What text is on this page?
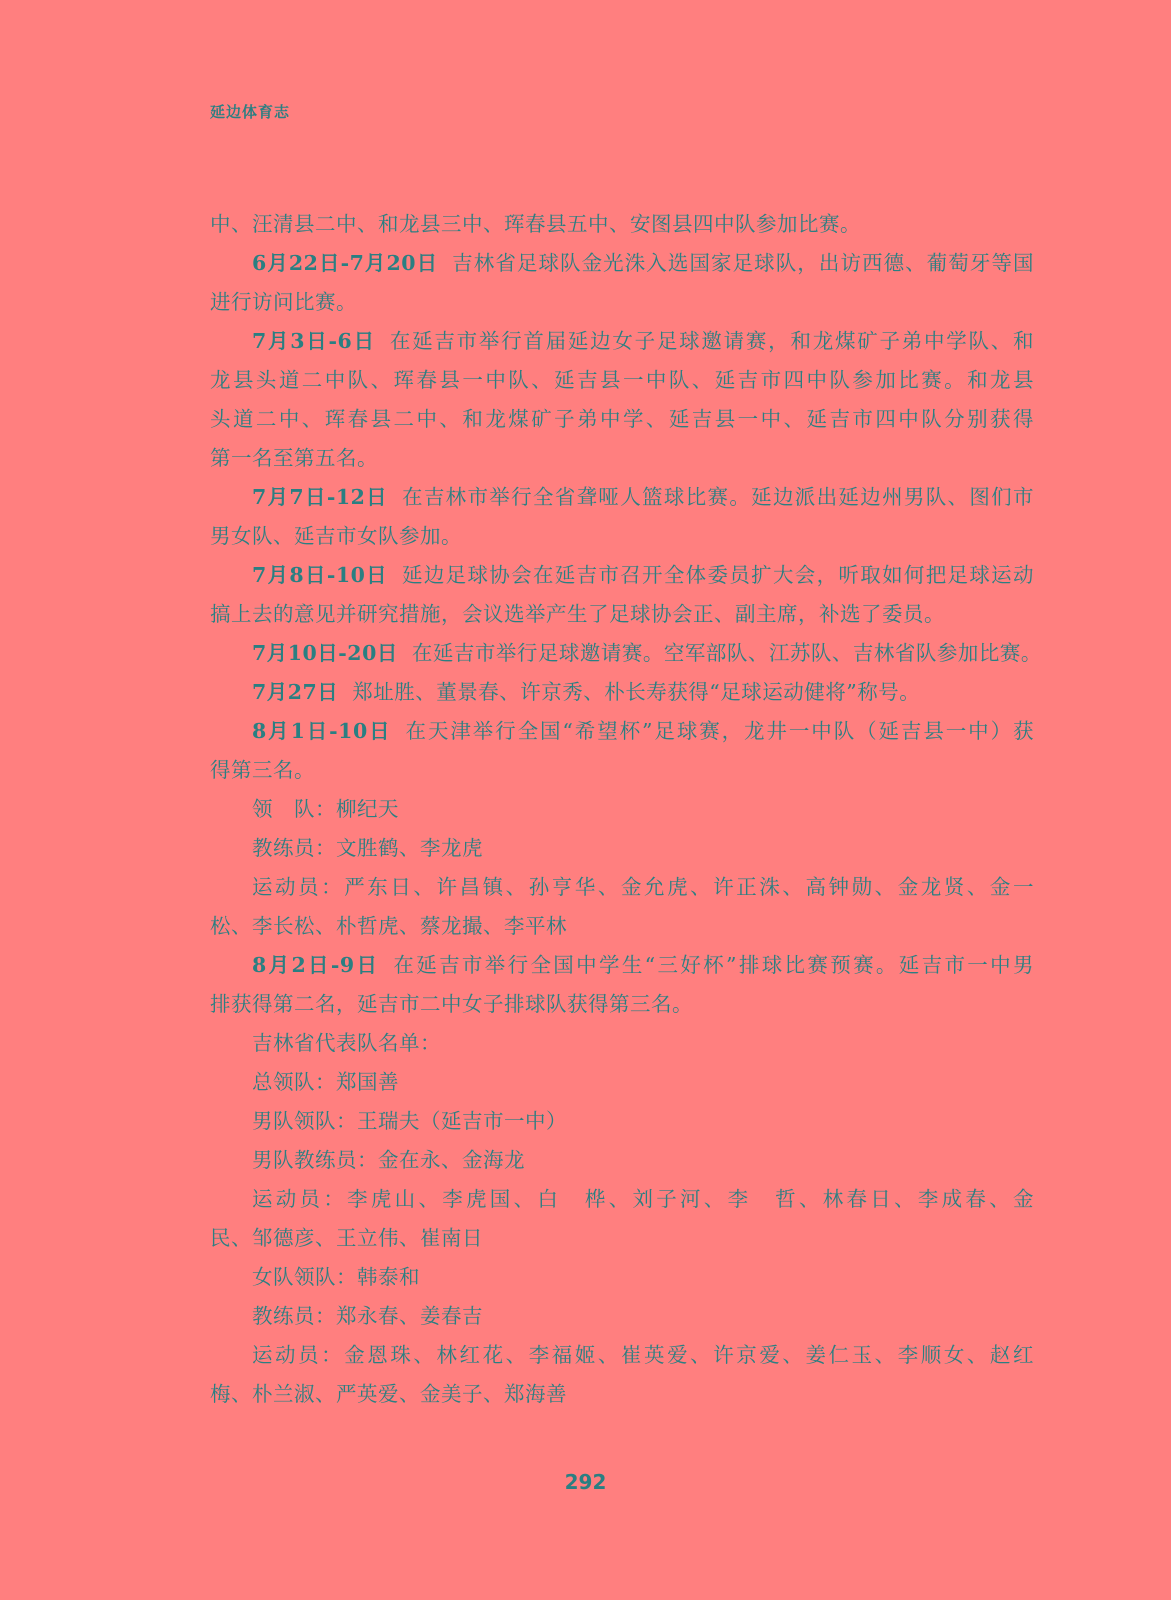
延边体育志
中、汪清县二中、和龙县三中、珲春县五中、安图县四中队参加比赛。
6月22日-7月20日 吉林省足球队金光洙入选国家足球队，出访西德、葡萄牙等国
进行访问比赛。
7月3日-6日 在延吉市举行首届延边女子足球邀请赛，和龙煤矿子弟中学队、和
龙县头道二中队、珲春县一中队、延吉县一中队、延吉市四中队参加比赛。和龙县
头道二中、珲春县二中、和龙煤矿子弟中学、延吉县一中、延吉市四中队分别获得
第一名至第五名。
7月7日-12日 在吉林市举行全省聋哑人篮球比赛。延边派出延边州男队、图们市
男女队、延吉市女队参加。
7月8日-10日 延边足球协会在延吉市召开全体委员扩大会，听取如何把足球运动
搞上去的意见并研究措施，会议选举产生了足球协会正、副主席，补选了委员。
7月10日-20日 在延吉市举行足球邀请赛。空军部队、江苏队、吉林省队参加比赛。
7月27日 郑址胜、董景春、许京秀、朴长寿获得“足球运动健将”称号。
8月1日-10日 在天津举行全国“希望杯”足球赛，龙井一中队（延吉县一中）获
得第三名。
领　队：柳纪天
教练员：文胜鹤、李龙虎
运动员：严东日、许昌镇、孙亨华、金允虎、许正洙、高钟勋、金龙贤、金一
松、李长松、朴哲虎、蔡龙撮、李平林
8月2日-9日 在延吉市举行全国中学生“三好杯”排球比赛预赛。延吉市一中男
排获得第二名，延吉市二中女子排球队获得第三名。
吉林省代表队名单：
总领队：郑国善
男队领队：王瑞夫（延吉市一中）
男队教练员：金在永、金海龙
运动员：李虎山、李虎国、白　桦、刘子河、李　哲、林春日、李成春、金
民、邹德彦、王立伟、崔南日
女队领队：韩泰和
教练员：郑永春、姜春吉
运动员：金恩珠、林红花、李福姬、崔英爱、许京爱、姜仁玉、李顺女、赵红
梅、朴兰淑、严英爱、金美子、郑海善
292
